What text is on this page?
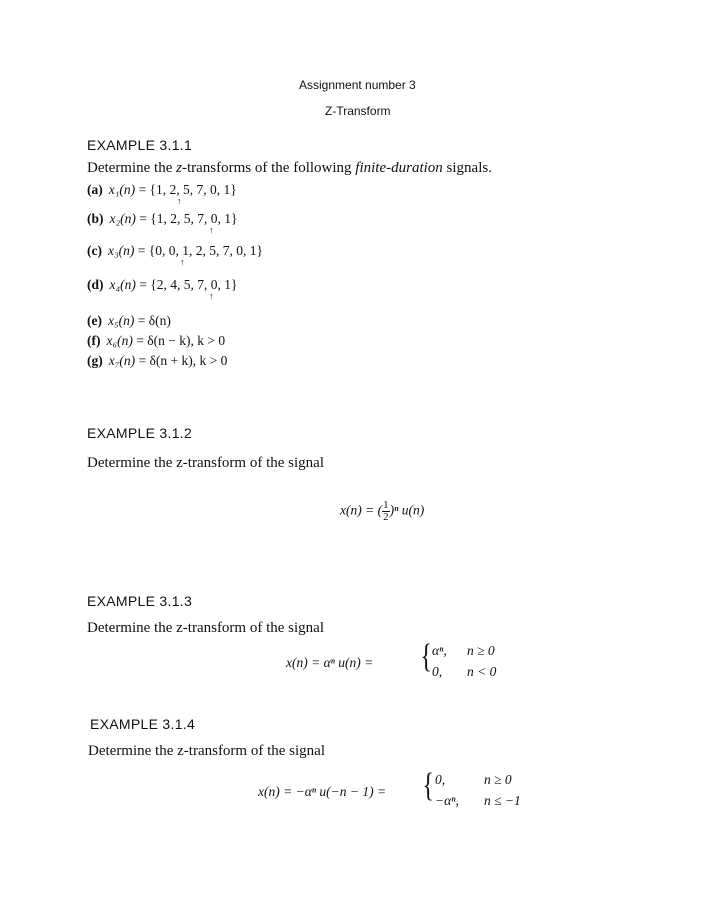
Assignment number 3
Z-Transform
EXAMPLE 3.1.1
Determine the z-transforms of the following finite-duration signals.
(a) x₁(n) = {1, 2, 5, 7, 0, 1}
↑
(b) x₂(n) = {1, 2, 5, 7, 0, 1}
↑
(c) x₃(n) = {0, 0, 1, 2, 5, 7, 0, 1}
↑
(d) x₄(n) = {2, 4, 5, 7, 0, 1}
↑
(e) x₅(n) = δ(n)
(f) x₆(n) = δ(n − k), k > 0
(g) x₇(n) = δ(n + k), k > 0
EXAMPLE 3.1.2
Determine the z-transform of the signal
x(n) = ( $\frac{1}{2} )^n$ u(n)
EXAMPLE 3.1.3
Determine the z-transform of the signal
x(n) = αⁿ u(n) = { αⁿ, n ≥ 0
0, n < 0
EXAMPLE 3.1.4
Determine the z-transform of the signal
x(n) = −αⁿ u(−n − 1) = { 0,	n ≥ 0
−αⁿ, n ≤ −1
